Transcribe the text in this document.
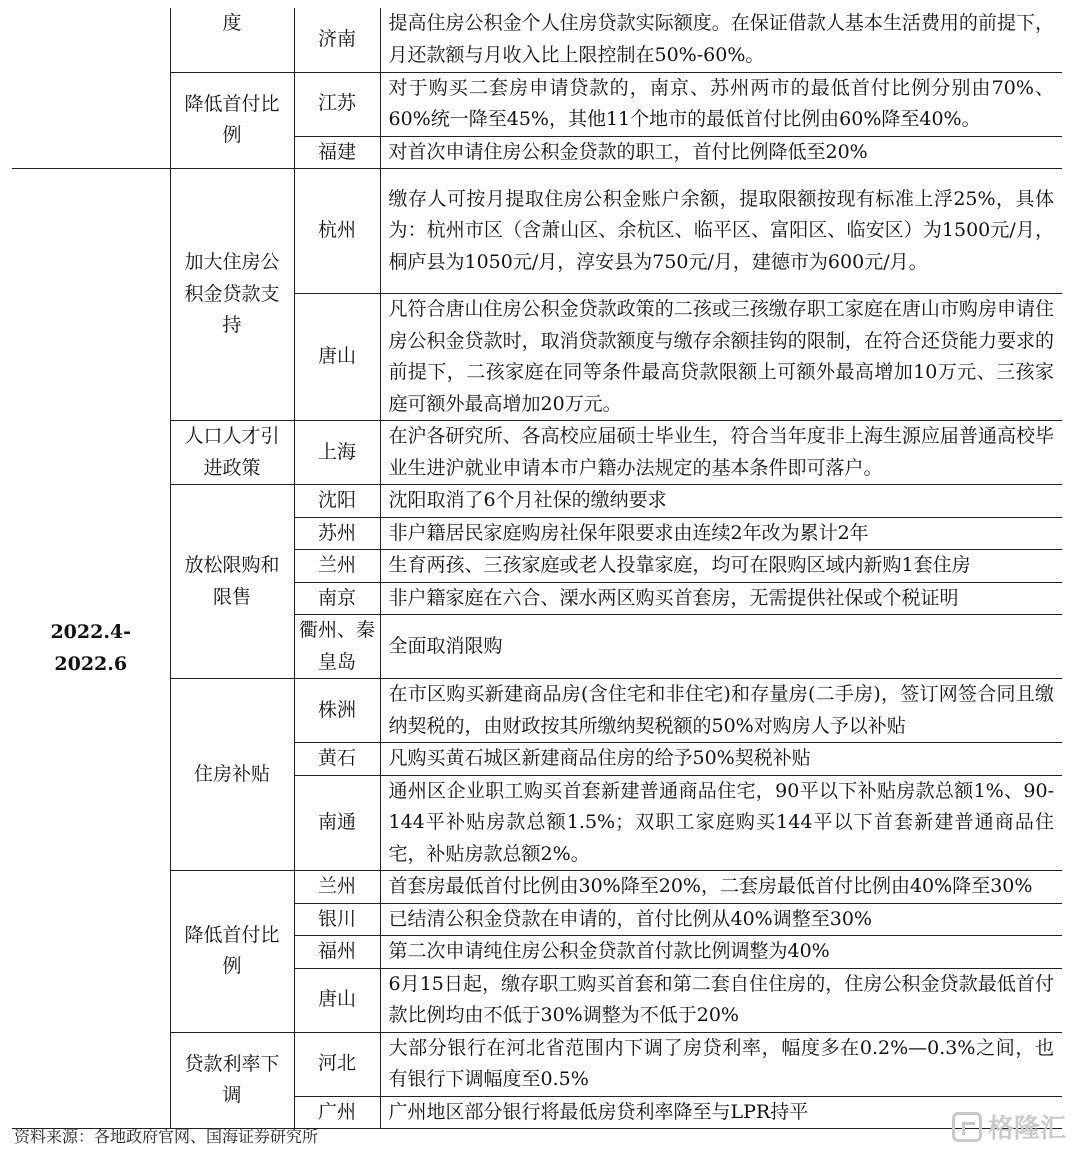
	度	济南	提高住房公积金个人住房贷款实际额度。在保证借款人基本生活费用的前提下，月还款额与月收入比上限控制在50%-60%。
	降低首付比例	江苏	对于购买二套房申请贷款的，南京、苏州两市的最低首付比例分别由70%、60%统一降至45%，其他11个地市的最低首付比例由60%降至40%。
		福建	对首次申请住房公积金贷款的职工，首付比例降低至20%
2022.4-2022.6	加大住房公积金贷款支持	杭州	缴存人可按月提取住房公积金账户余额，提取限额按现有标准上浮25%，具体为：杭州市区（含萧山区、余杭区、临平区、富阳区、临安区）为1500元/月，桐庐县为1050元/月，淳安县为750元/月，建德市为600元/月。
		唐山	凡符合唐山住房公积金贷款政策的二孩或三孩缴存职工家庭在唐山市购房申请住房公积金贷款时，取消贷款额度与缴存余额挂钩的限制，在符合还贷能力要求的前提下，二孩家庭在同等条件最高贷款限额上可额外最高增加10万元、三孩家庭可额外最高增加20万元。
	人口人才引进政策	上海	在沪各研究所、各高校应届硕士毕业生，符合当年度非上海生源应届普通高校毕业生进沪就业申请本市户籍办法规定的基本条件即可落户。
	放松限购和限售	沈阳	沈阳取消了6个月社保的缴纳要求
		苏州	非户籍居民家庭购房社保年限要求由连续2年改为累计2年
		兰州	生育两孩、三孩家庭或老人投靠家庭，均可在限购区域内新购1套住房
		南京	非户籍家庭在六合、溧水两区购买首套房，无需提供社保或个税证明
		衢州、秦皇岛	全面取消限购
	住房补贴	株洲	在市区购买新建商品房(含住宅和非住宅)和存量房(二手房)，签订网签合同且缴纳契税的，由财政按其所缴纳契税额的50%对购房人予以补贴
		黄石	凡购买黄石城区新建商品住房的给予50%契税补贴
		南通	通州区企业职工购买首套新建普通商品住宅，90平以下补贴房款总额1%、90-144平补贴房款总额1.5%；双职工家庭购买144平以下首套新建普通商品住宅，补贴房款总额2%。
	降低首付比例	兰州	首套房最低首付比例由30%降至20%，二套房最低首付比例由40%降至30%
		银川	已结清公积金贷款在申请的，首付比例从40%调整至30%
		福州	第二次申请纯住房公积金贷款首付款比例调整为40%
		唐山	6月15日起，缴存职工购买首套和第二套自住住房的，住房公积金贷款最低首付款比例均由不低于30%调整为不低于20%
	贷款利率下调	河北	大部分银行在河北省范围内下调了房贷利率，幅度多在0.2%—0.3%之间，也有银行下调幅度至0.5%
		广州	广州地区部分银行将最低房贷利率降至与LPR持平
资料来源：各地政府官网、国海证券研究所	格隆汇
